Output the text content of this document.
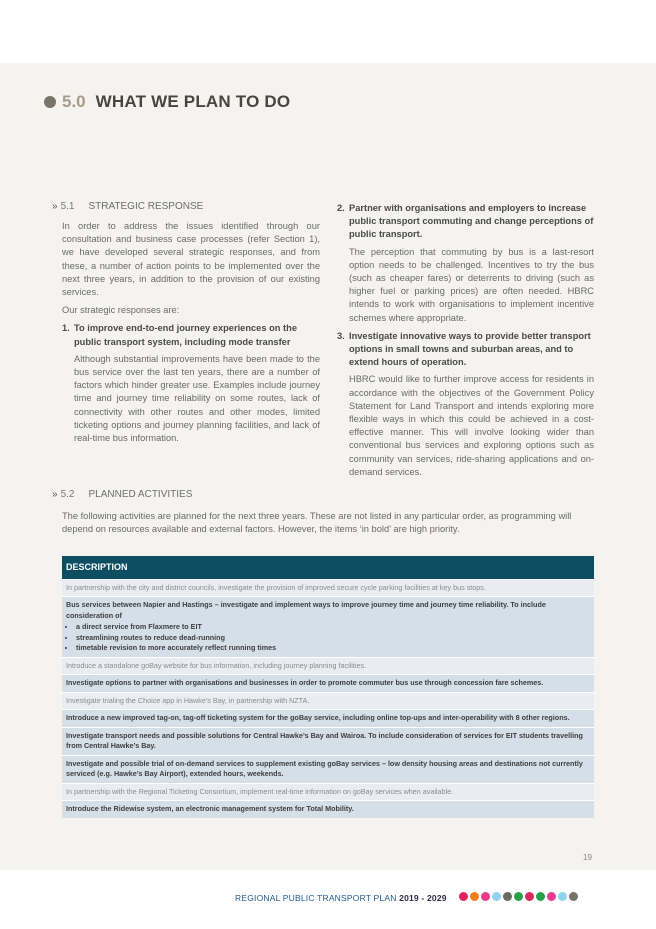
5.0 WHAT WE PLAN TO DO
» 5.1 STRATEGIC RESPONSE

In order to address the issues identified through our consultation and business case processes (refer Section 1), we have developed several strategic responses, and from these, a number of action points to be implemented over the next three years, in addition to the provision of our existing services.

Our strategic responses are:

1. To improve end-to-end journey experiences on the public transport system, including mode transfer

Although substantial improvements have been made to the bus service over the last ten years, there are a number of factors which hinder greater use. Examples include journey time and journey time reliability on some routes, lack of connectivity with other routes and other modes, limited ticketing options and journey planning facilities, and lack of real-time bus information.

2. Partner with organisations and employers to increase public transport commuting and change perceptions of public transport.

The perception that commuting by bus is a last-resort option needs to be challenged. Incentives to try the bus (such as cheaper fares) or deterrents to driving (such as higher fuel or parking prices) are often needed. HBRC intends to work with organisations to implement incentive schemes where appropriate.

3. Investigate innovative ways to provide better transport options in small towns and suburban areas, and to extend hours of operation.

HBRC would like to further improve access for residents in accordance with the objectives of the Government Policy Statement for Land Transport and intends exploring more flexible ways in which this could be achieved in a cost-effective manner. This will involve looking wider than conventional bus services and exploring options such as community van services, ride-sharing applications and on-demand services.

» 5.2 PLANNED ACTIVITIES
The following activities are planned for the next three years. These are not listed in any particular order, as programming will depend on resources available and external factors. However, the items ‘in bold’ are high priority.
DESCRIPTION
In partnership with the city and district councils, investigate the provision of improved secure cycle parking facilities at key bus stops.
Bus services between Napier and Hastings – investigate and implement ways to improve journey time and journey time reliability. To include consideration of
• a direct service from Flaxmere to EIT
• streamlining routes to reduce dead-running
• timetable revision to more accurately reflect running times
Introduce a standalone goBay website for bus information, including journey planning facilities.
Investigate options to partner with organisations and businesses in order to promote commuter bus use through concession fare schemes.
Investigate trialing the Choice app in Hawke’s Bay, in partnership with NZTA.
Introduce a new improved tag-on, tag-off ticketing system for the goBay service, including online top-ups and inter-operability with 8 other regions.
Investigate transport needs and possible solutions for Central Hawke’s Bay and Wairoa. To include consideration of services for EIT students travelling from Central Hawke’s Bay.
Investigate and possible trial of on-demand services to supplement existing goBay services – low density housing areas and destinations not currently serviced (e.g. Hawke’s Bay Airport), extended hours, weekends.
In partnership with the Regional Ticketing Consortium, implement real-time information on goBay services when available.
Introduce the Ridewise system, an electronic management system for Total Mobility.
19
REGIONAL PUBLIC TRANSPORT PLAN 2019 - 2029
